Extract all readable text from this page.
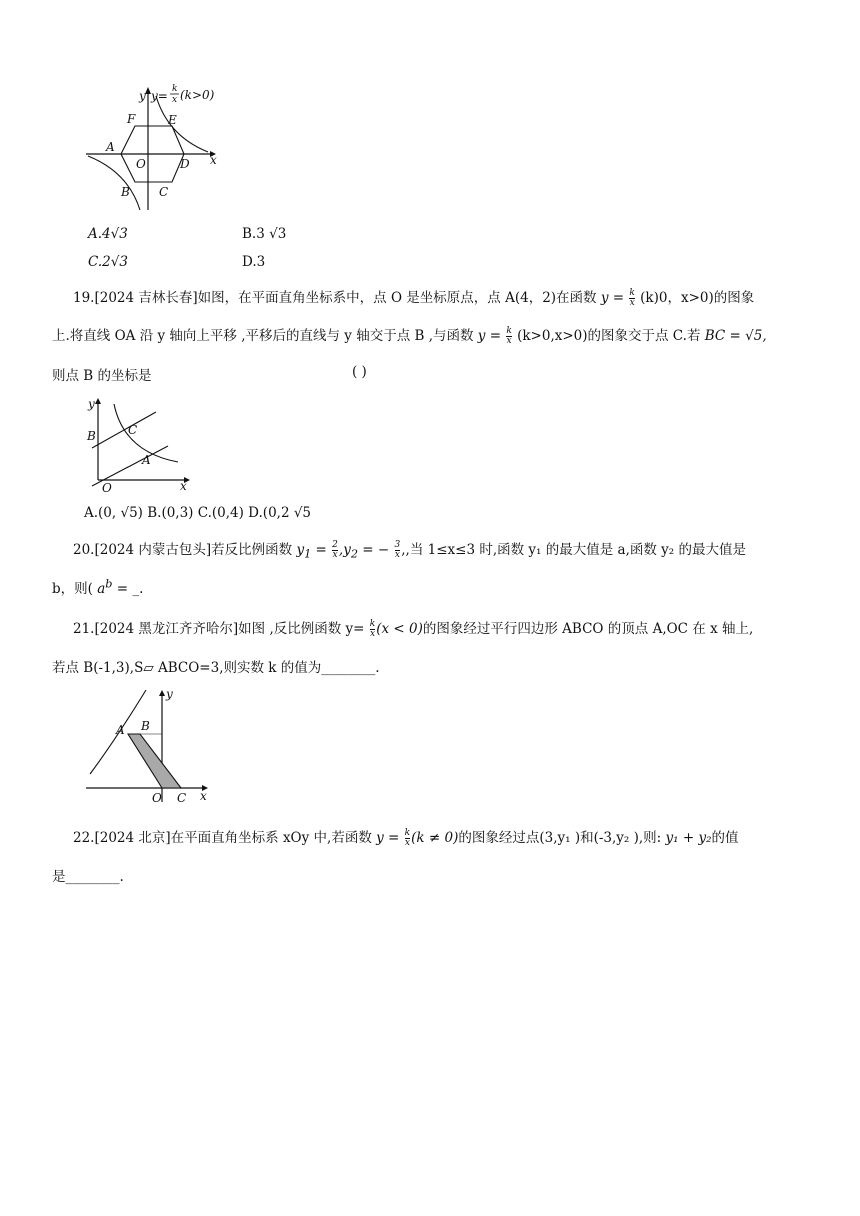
y y= k
x (k>0)
F	E
A
O	D x
B C
A.4√3	B.3 √3
C.2√3	D.3
19.[2024 吉林长春]如图，在平面直角坐标系中，点 O 是坐标原点，点 A(4，2)在函数 $y = \frac{k}{x} (k)0$，x>0)的图象
上.将直线 OA 沿 y 轴向上平移 ,平移后的直线与 y 轴交于点 B ,与函数 $y = \frac{k}{x} (k>0,x>0)$的图象交于点 C.若 BC = √5,
则点 B 的坐标是	( )
y
B	C
A
O	x
A.(0, √5) B.(0,3) C.(0,4) D.(0,2 √5
20.[2024 内蒙古包头]若反比例函数 $y_1 = \frac{2}{x} ,y_2$ = − $\frac{3}{x}$ ,,当 1≤x≤3 时,函数 y₁ 的最大值是 a,函数 y₂ 的最大值是
b，则( $a^b$ = _.
21.[2024 黑龙江齐齐哈尔]如图 ,反比例函数 $y= \frac{k}{x} (x < 0)$的图象经过平行四边形 ABCO 的顶点 A,OC 在 x 轴上,
若点 B(-1,3),S▱ ABCO=3,则实数 k 的值为________.
y
A B
O C x
22.[2024 北京]在平面直角坐标系 xOy 中,若函数 $y = \frac{k}{x} (k \ne 0)$的图象经过点(3,y₁ )和(-3,y₂ ),则: y₁ + y₂的值
是________.
